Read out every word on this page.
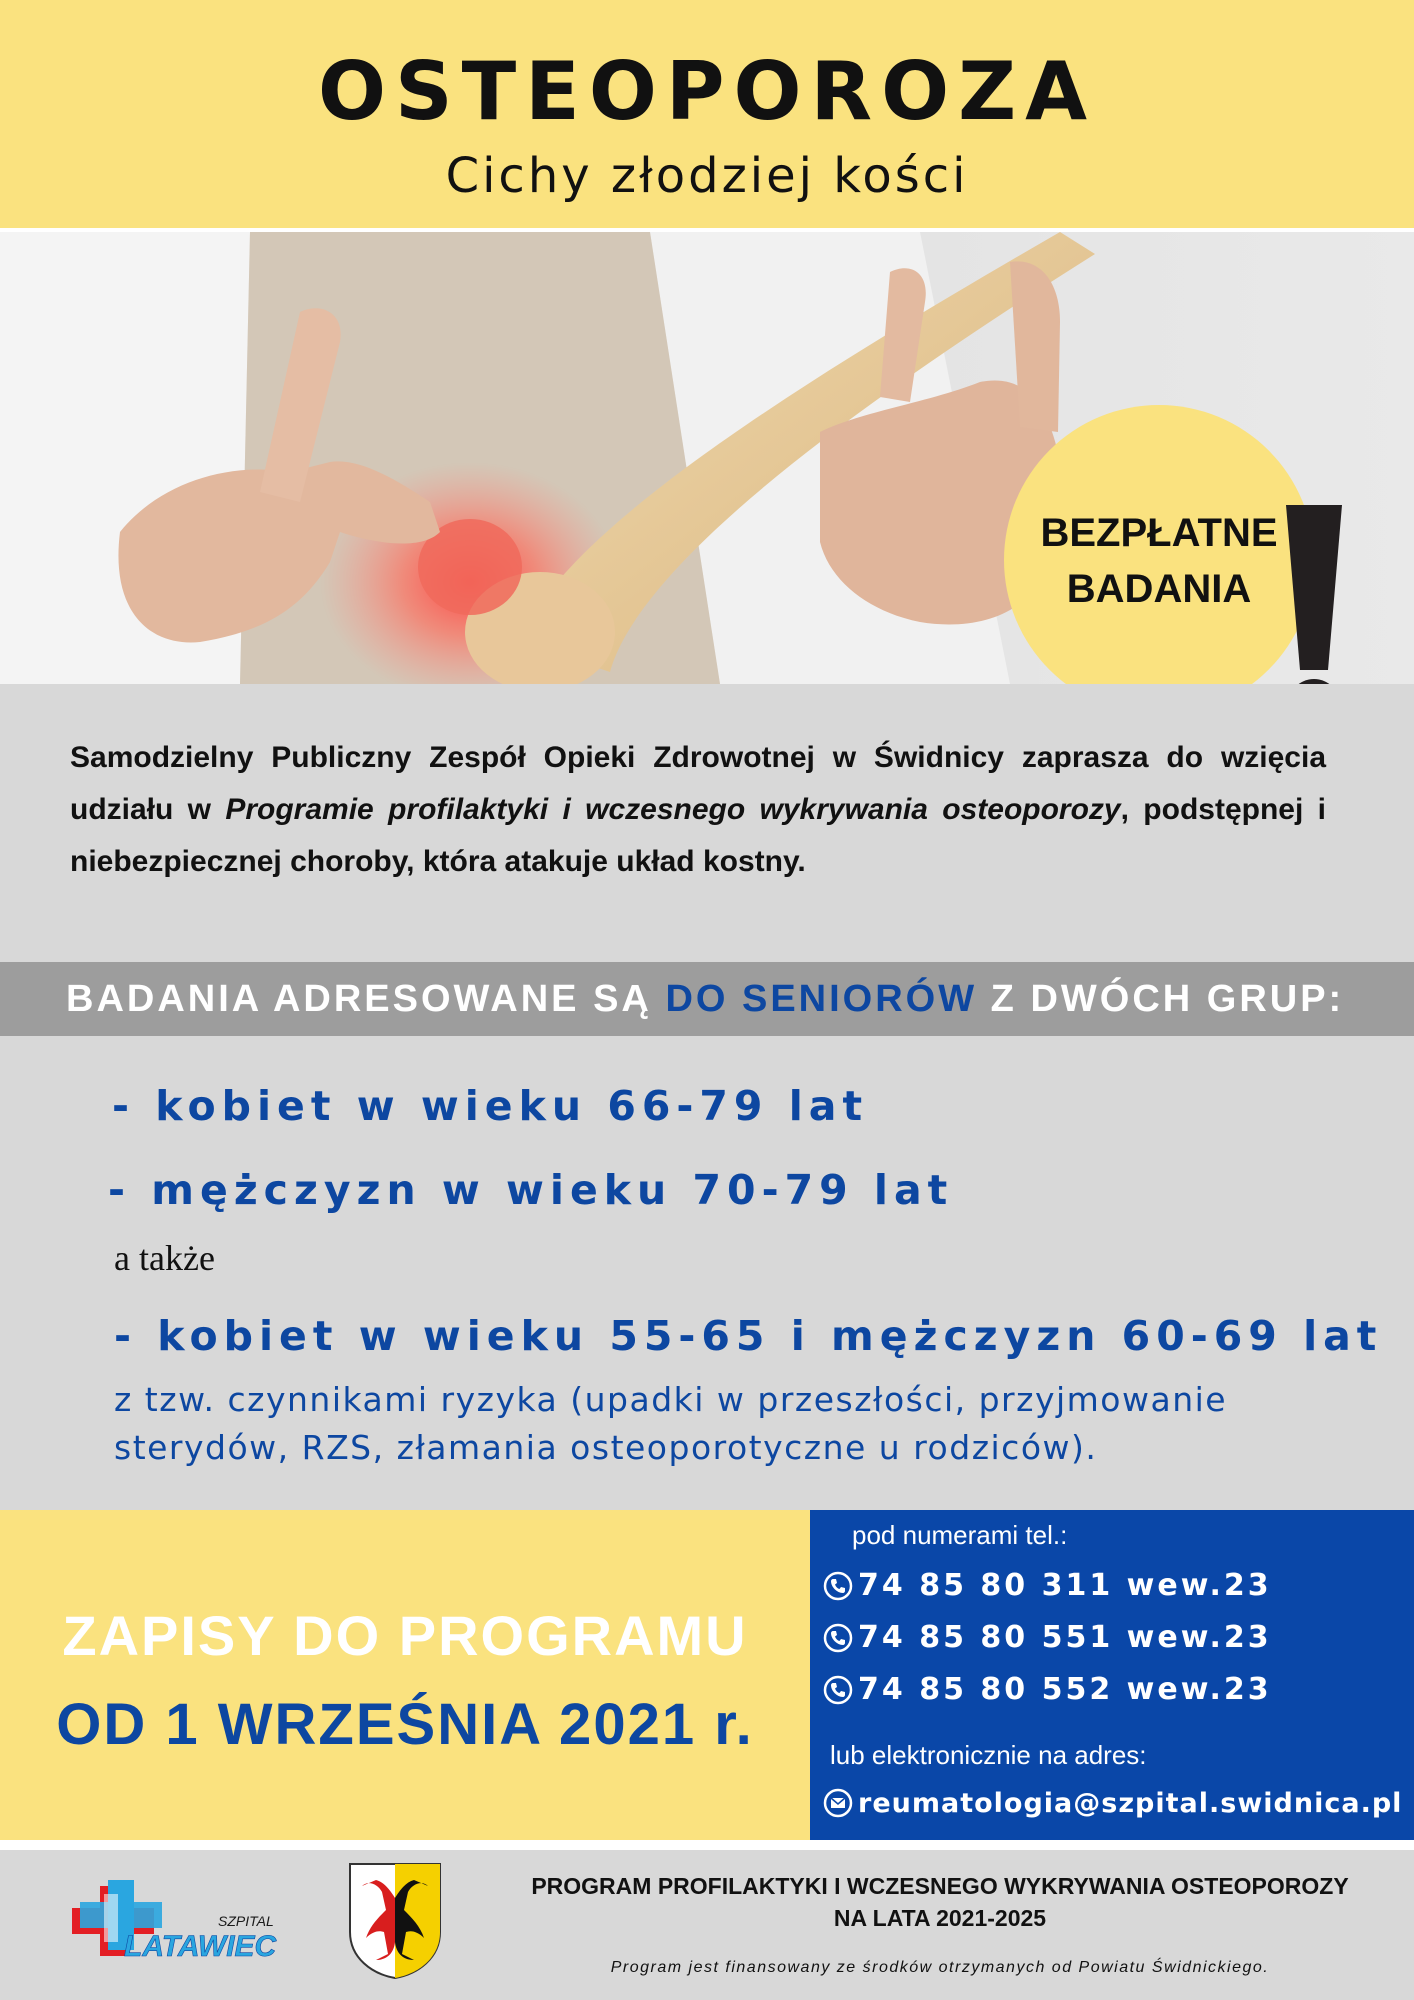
OSTEOPOROZA
Cichy złodziej kości
BEZPŁATNE
BADANIA
Samodzielny Publiczny Zespół Opieki Zdrowotnej w Świdnicy zaprasza do wzięcia udziału w Programie profilaktyki i wczesnego wykrywania osteoporozy, podstępnej i niebezpiecznej choroby, która atakuje układ kostny.
BADANIA ADRESOWANE SĄ DO SENIORÓW Z DWÓCH GRUP:
- kobiet w wieku 66-79 lat
- mężczyzn w wieku 70-79 lat
a także
- kobiet w wieku 55-65 i mężczyzn 60-69 lat
z tzw. czynnikami ryzyka (upadki w przeszłości, przyjmowanie sterydów, RZS, złamania osteoporotyczne u rodziców).
ZAPISY DO PROGRAMU
OD 1 WRZEŚNIA 2021 r.
pod numerami tel.:
74 85 80 311 wew.23
74 85 80 551 wew.23
74 85 80 552 wew.23
lub elektronicznie na adres:
reumatologia@szpital.swidnica.pl
SZPITAL
LATAWIEC
PROGRAM PROFILAKTYKI I WCZESNEGO WYKRYWANIA OSTEOPOROZY
NA LATA 2021-2025
Program jest finansowany ze środków otrzymanych od Powiatu Świdnickiego.
